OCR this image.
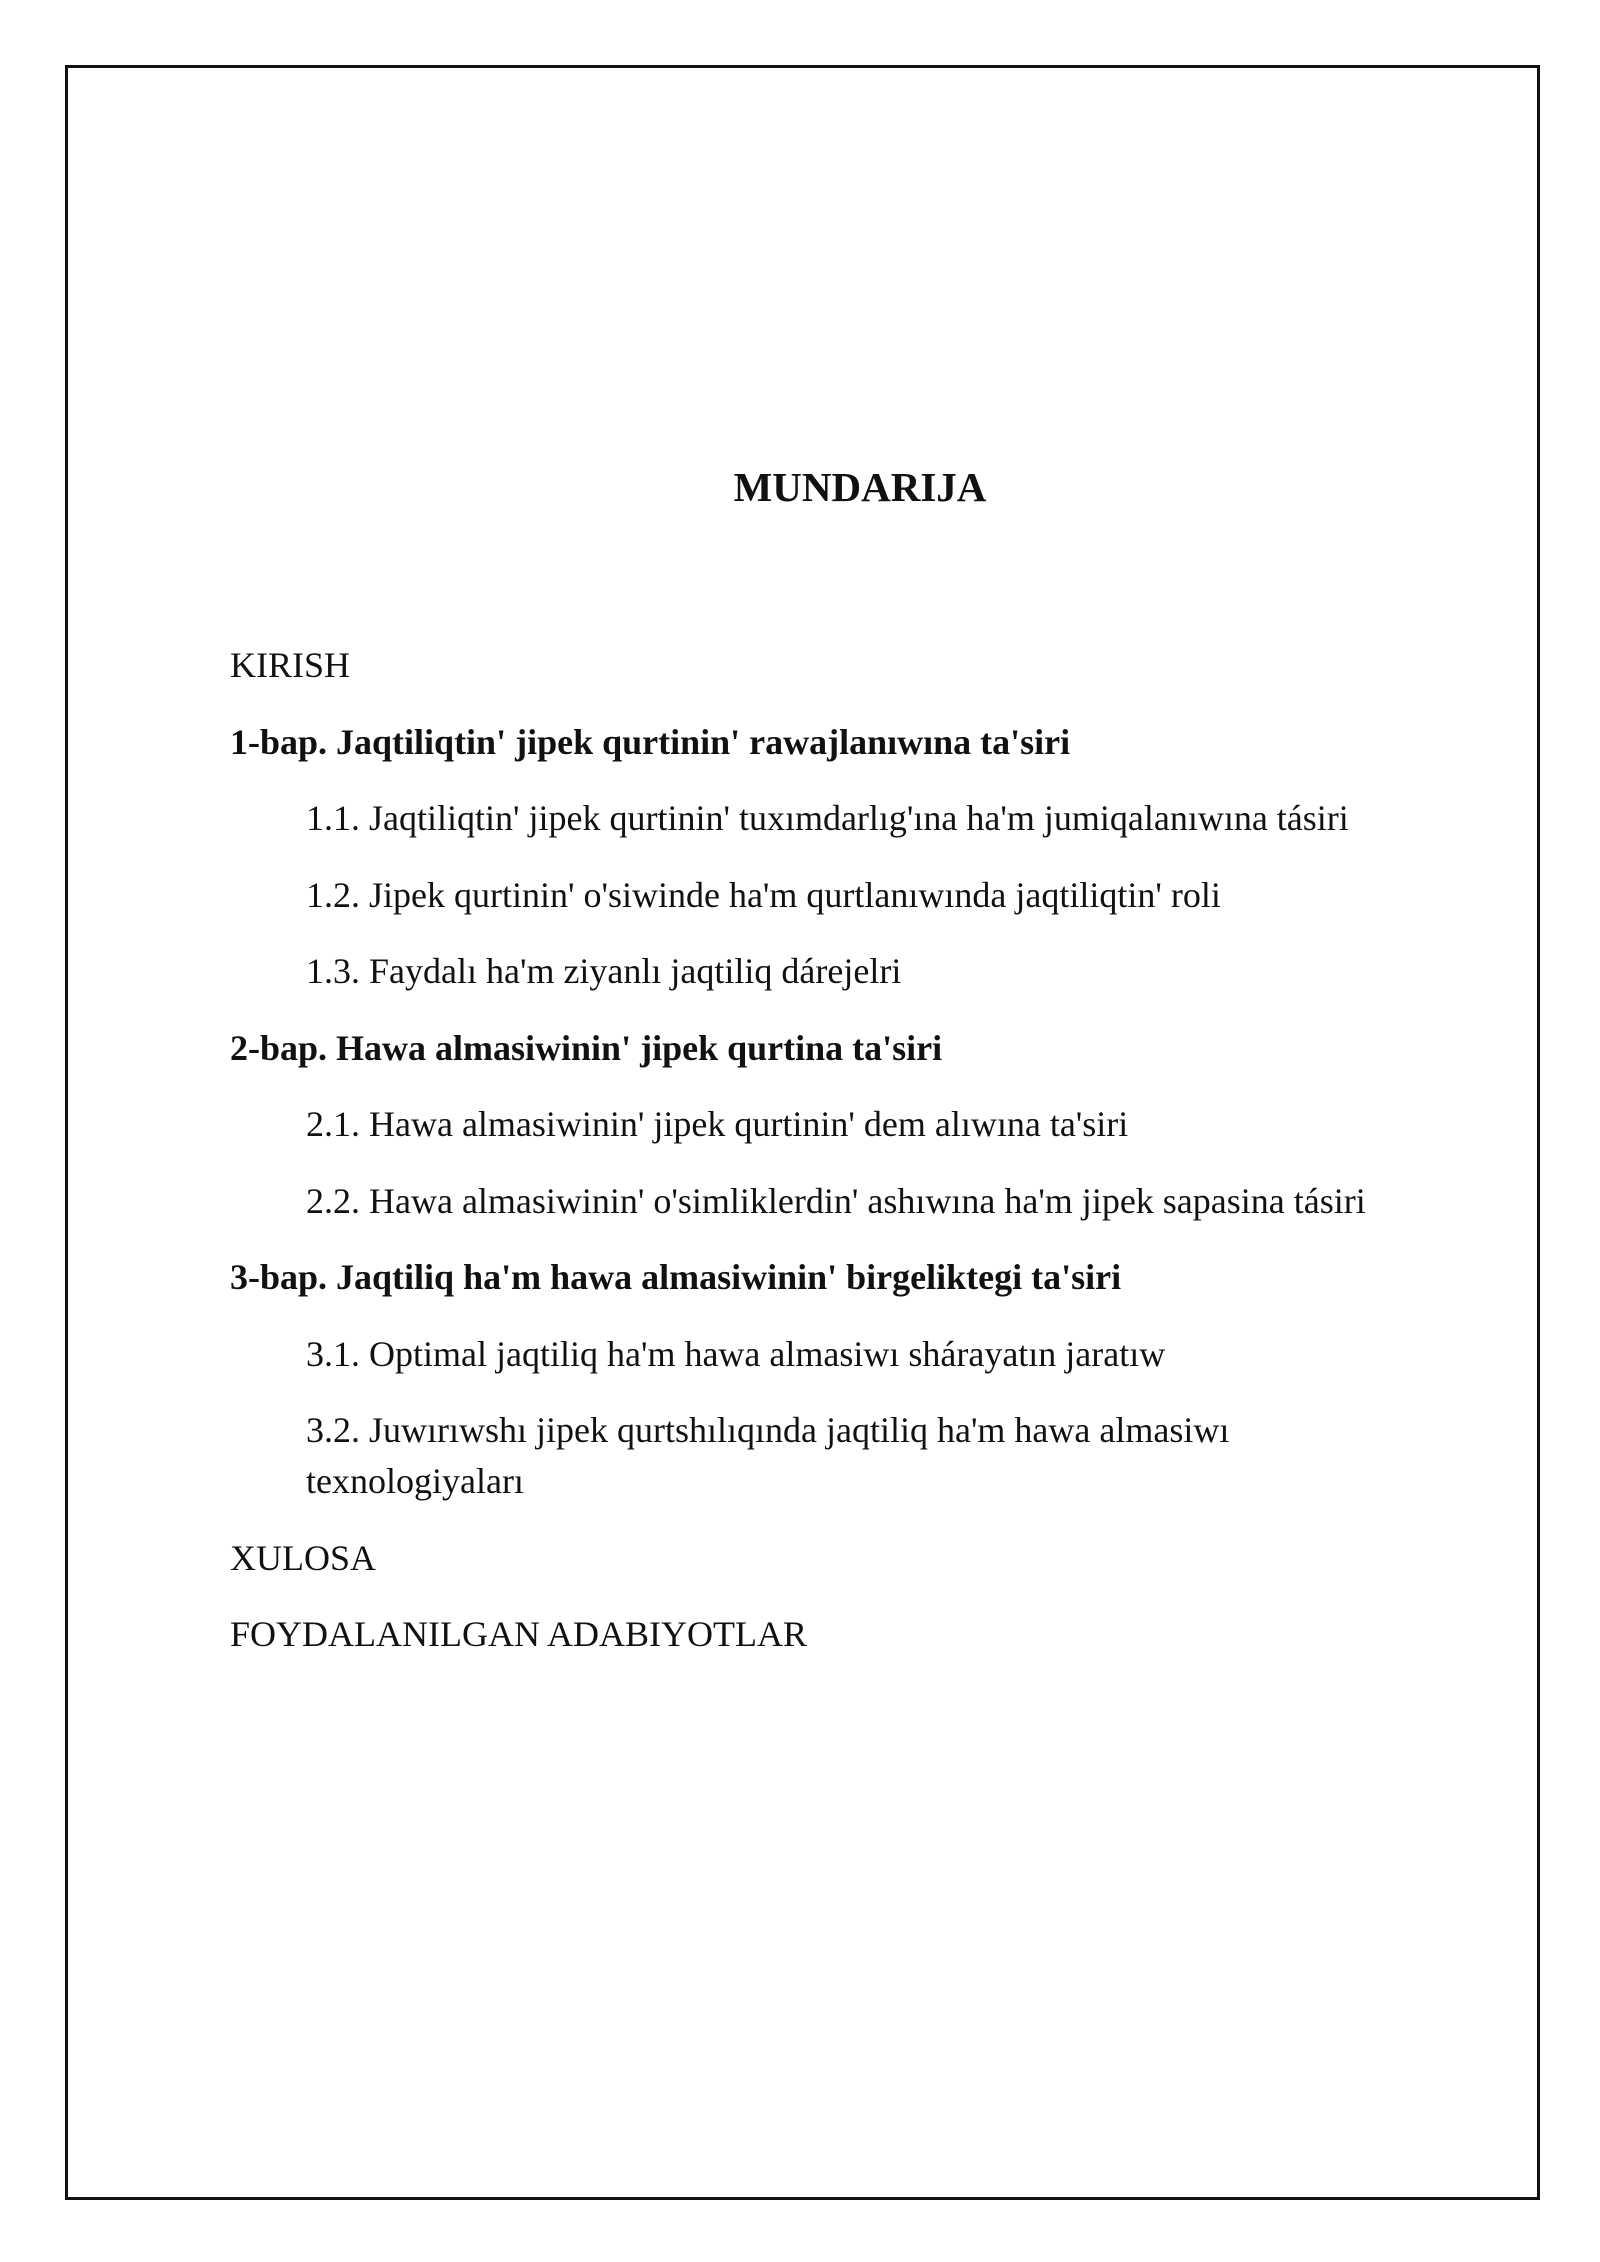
MUNDARIJA
KIRISH
1-bap. Jaqtiliqtin' jipek qurtinin' rawajlanıwına ta'siri
1.1. Jaqtiliqtin' jipek qurtinin' tuxımdarlıg'ına ha'm jumiqalanıwına tásiri
1.2. Jipek qurtinin' o'siwinde ha'm qurtlanıwında jaqtiliqtin' roli
1.3. Faydalı ha'm ziyanlı jaqtiliq dárejelri
2-bap. Hawa almasiwinin' jipek qurtina ta'siri
2.1. Hawa almasiwinin' jipek qurtinin' dem alıwına ta'siri
2.2. Hawa almasiwinin' o'simliklerdin' ashıwına ha'm jipek sapasina tásiri
3-bap. Jaqtiliq ha'm hawa almasiwinin' birgeliktegi ta'siri
3.1. Optimal jaqtiliq ha'm hawa almasiwı shárayatın jaratıw
3.2. Juwırıwshı jipek qurtshılıqında jaqtiliq ha'm hawa almasiwı texnologiyaları
XULOSA
FOYDALANILGAN ADABIYOTLAR
